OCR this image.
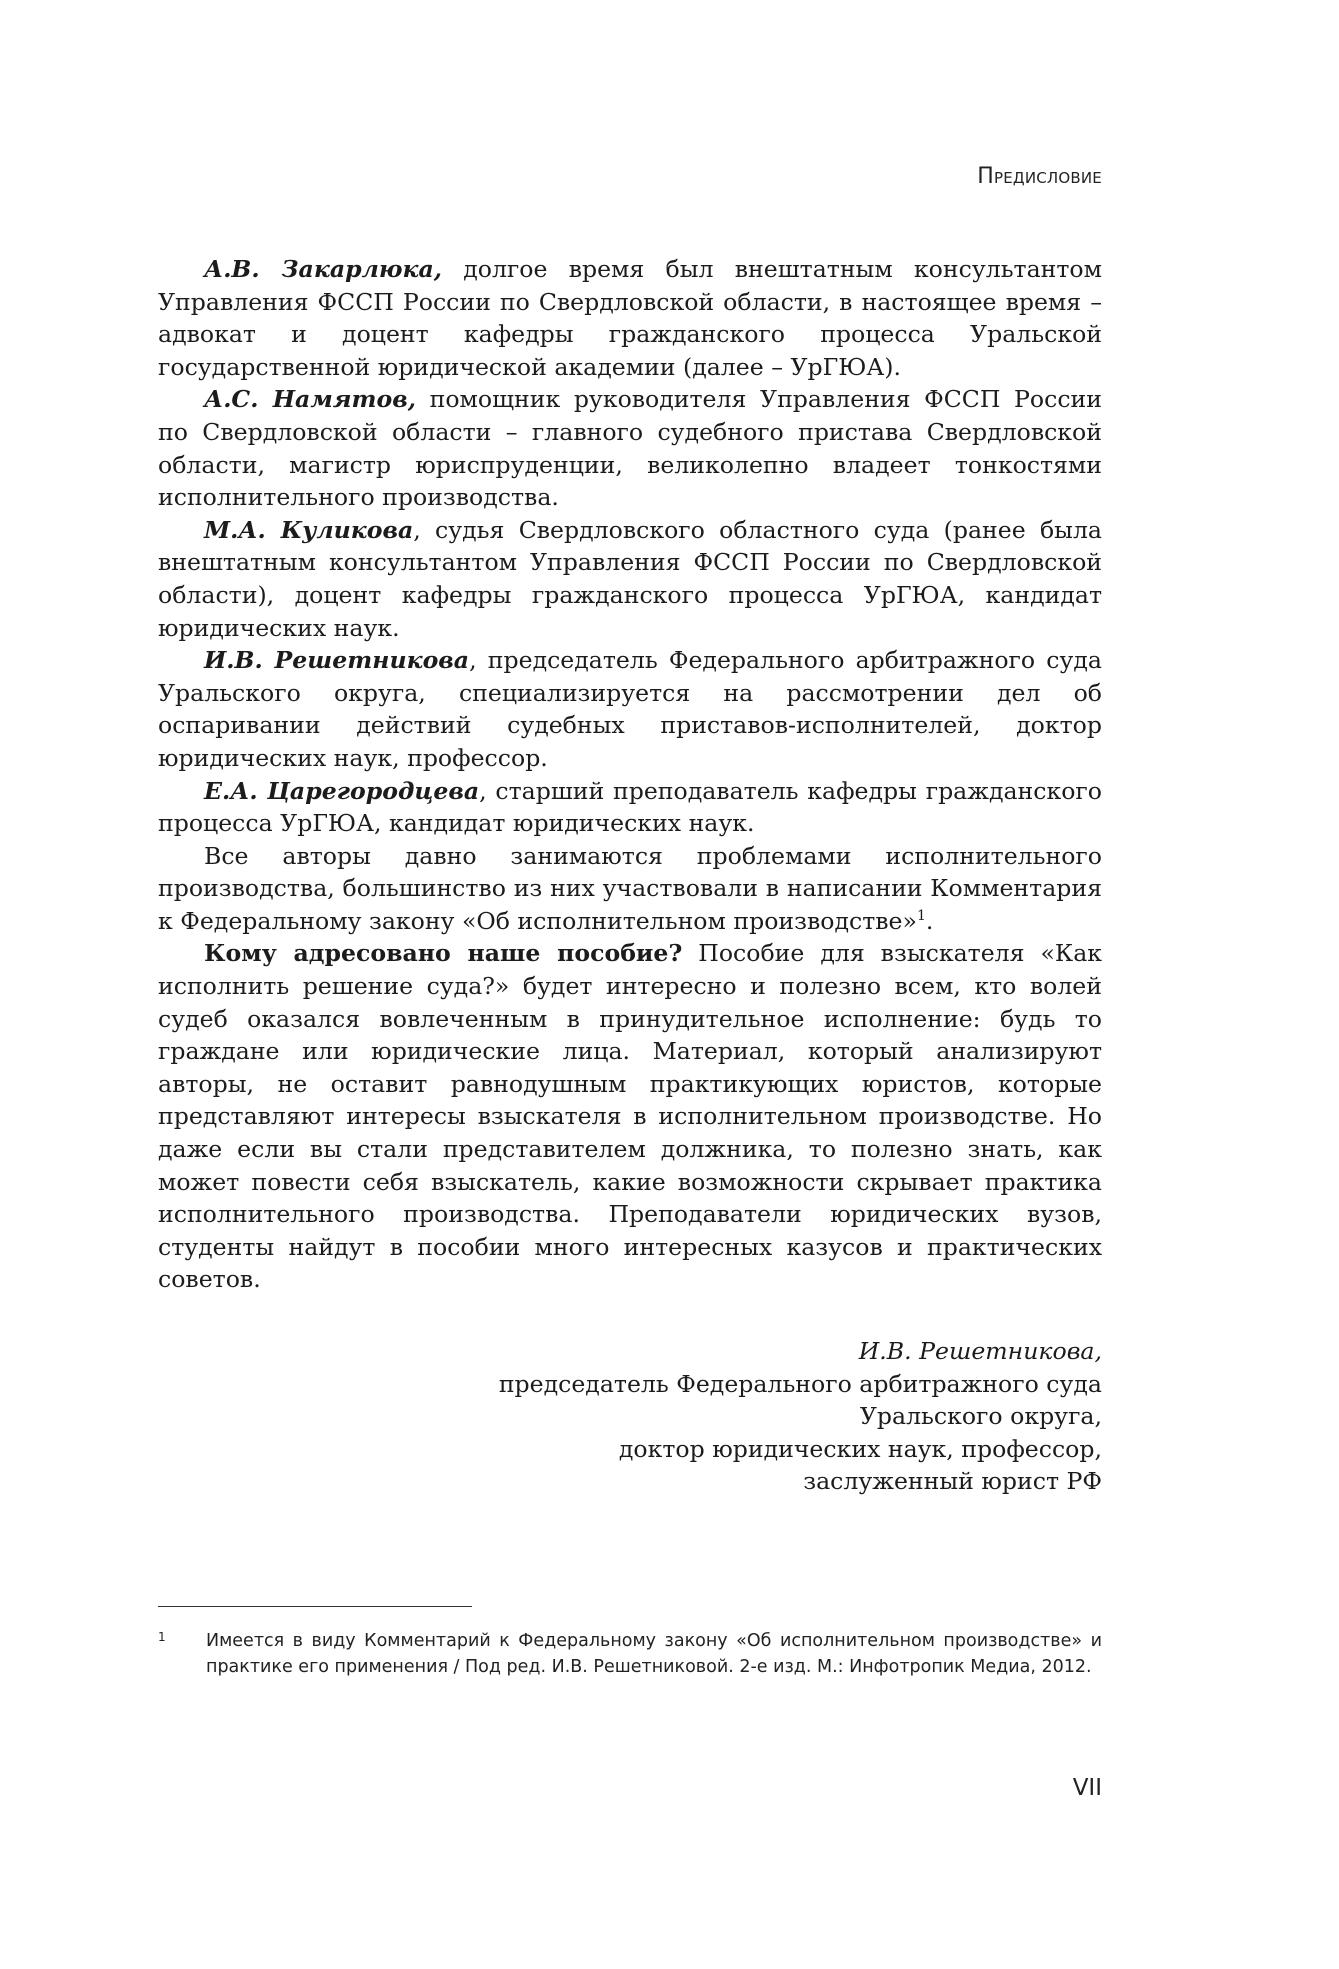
Предисловие

А.В. Закарлюка, долгое время был внештатным консультантом Управления ФССП России по Свердловской области, в настоящее время – адвокат и доцент кафедры гражданского процесса Уральской государственной юридической академии (далее – УрГЮА).

А.С. Намятов, помощник руководителя Управления ФССП России по Свердловской области – главного судебного пристава Свердловской области, магистр юриспруденции, великолепно владеет тонкостями исполнительного производства.

М.А. Куликова, судья Свердловского областного суда (ранее была внештатным консультантом Управления ФССП России по Свердловской области), доцент кафедры гражданского процесса УрГЮА, кандидат юридических наук.

И.В. Решетникова, председатель Федерального арбитражного суда Уральского округа, специализируется на рассмотрении дел об оспаривании действий судебных приставов-исполнителей, доктор юридических наук, профессор.

Е.А. Царегородцева, старший преподаватель кафедры гражданского процесса УрГЮА, кандидат юридических наук.

Все авторы давно занимаются проблемами исполнительного производства, большинство из них участвовали в написании Комментария к Федеральному закону «Об исполнительном производстве»$^1$.

Кому адресовано наше пособие? Пособие для взыскателя «Как исполнить решение суда?» будет интересно и полезно всем, кто волей судеб оказался вовлеченным в принудительное исполнение: будь то граждане или юридические лица. Материал, который анализируют авторы, не оставит равнодушным практикующих юристов, которые представляют интересы взыскателя в исполнительном производстве. Но даже если вы стали представителем должника, то полезно знать, как может повести себя взыскатель, какие возможности скрывает практика исполнительного производства. Преподаватели юридических вузов, студенты найдут в пособии много интересных казусов и практических советов.

И.В. Решетникова,
председатель Федерального арбитражного суда
Уральского округа,
доктор юридических наук, профессор,
заслуженный юрист РФ
1 Имеется в виду Комментарий к Федеральному закону «Об исполнительном производстве» и практике его применения / Под ред. И.В. Решетниковой. 2-е изд. М.: Инфотропик Медиа, 2012.
VII
